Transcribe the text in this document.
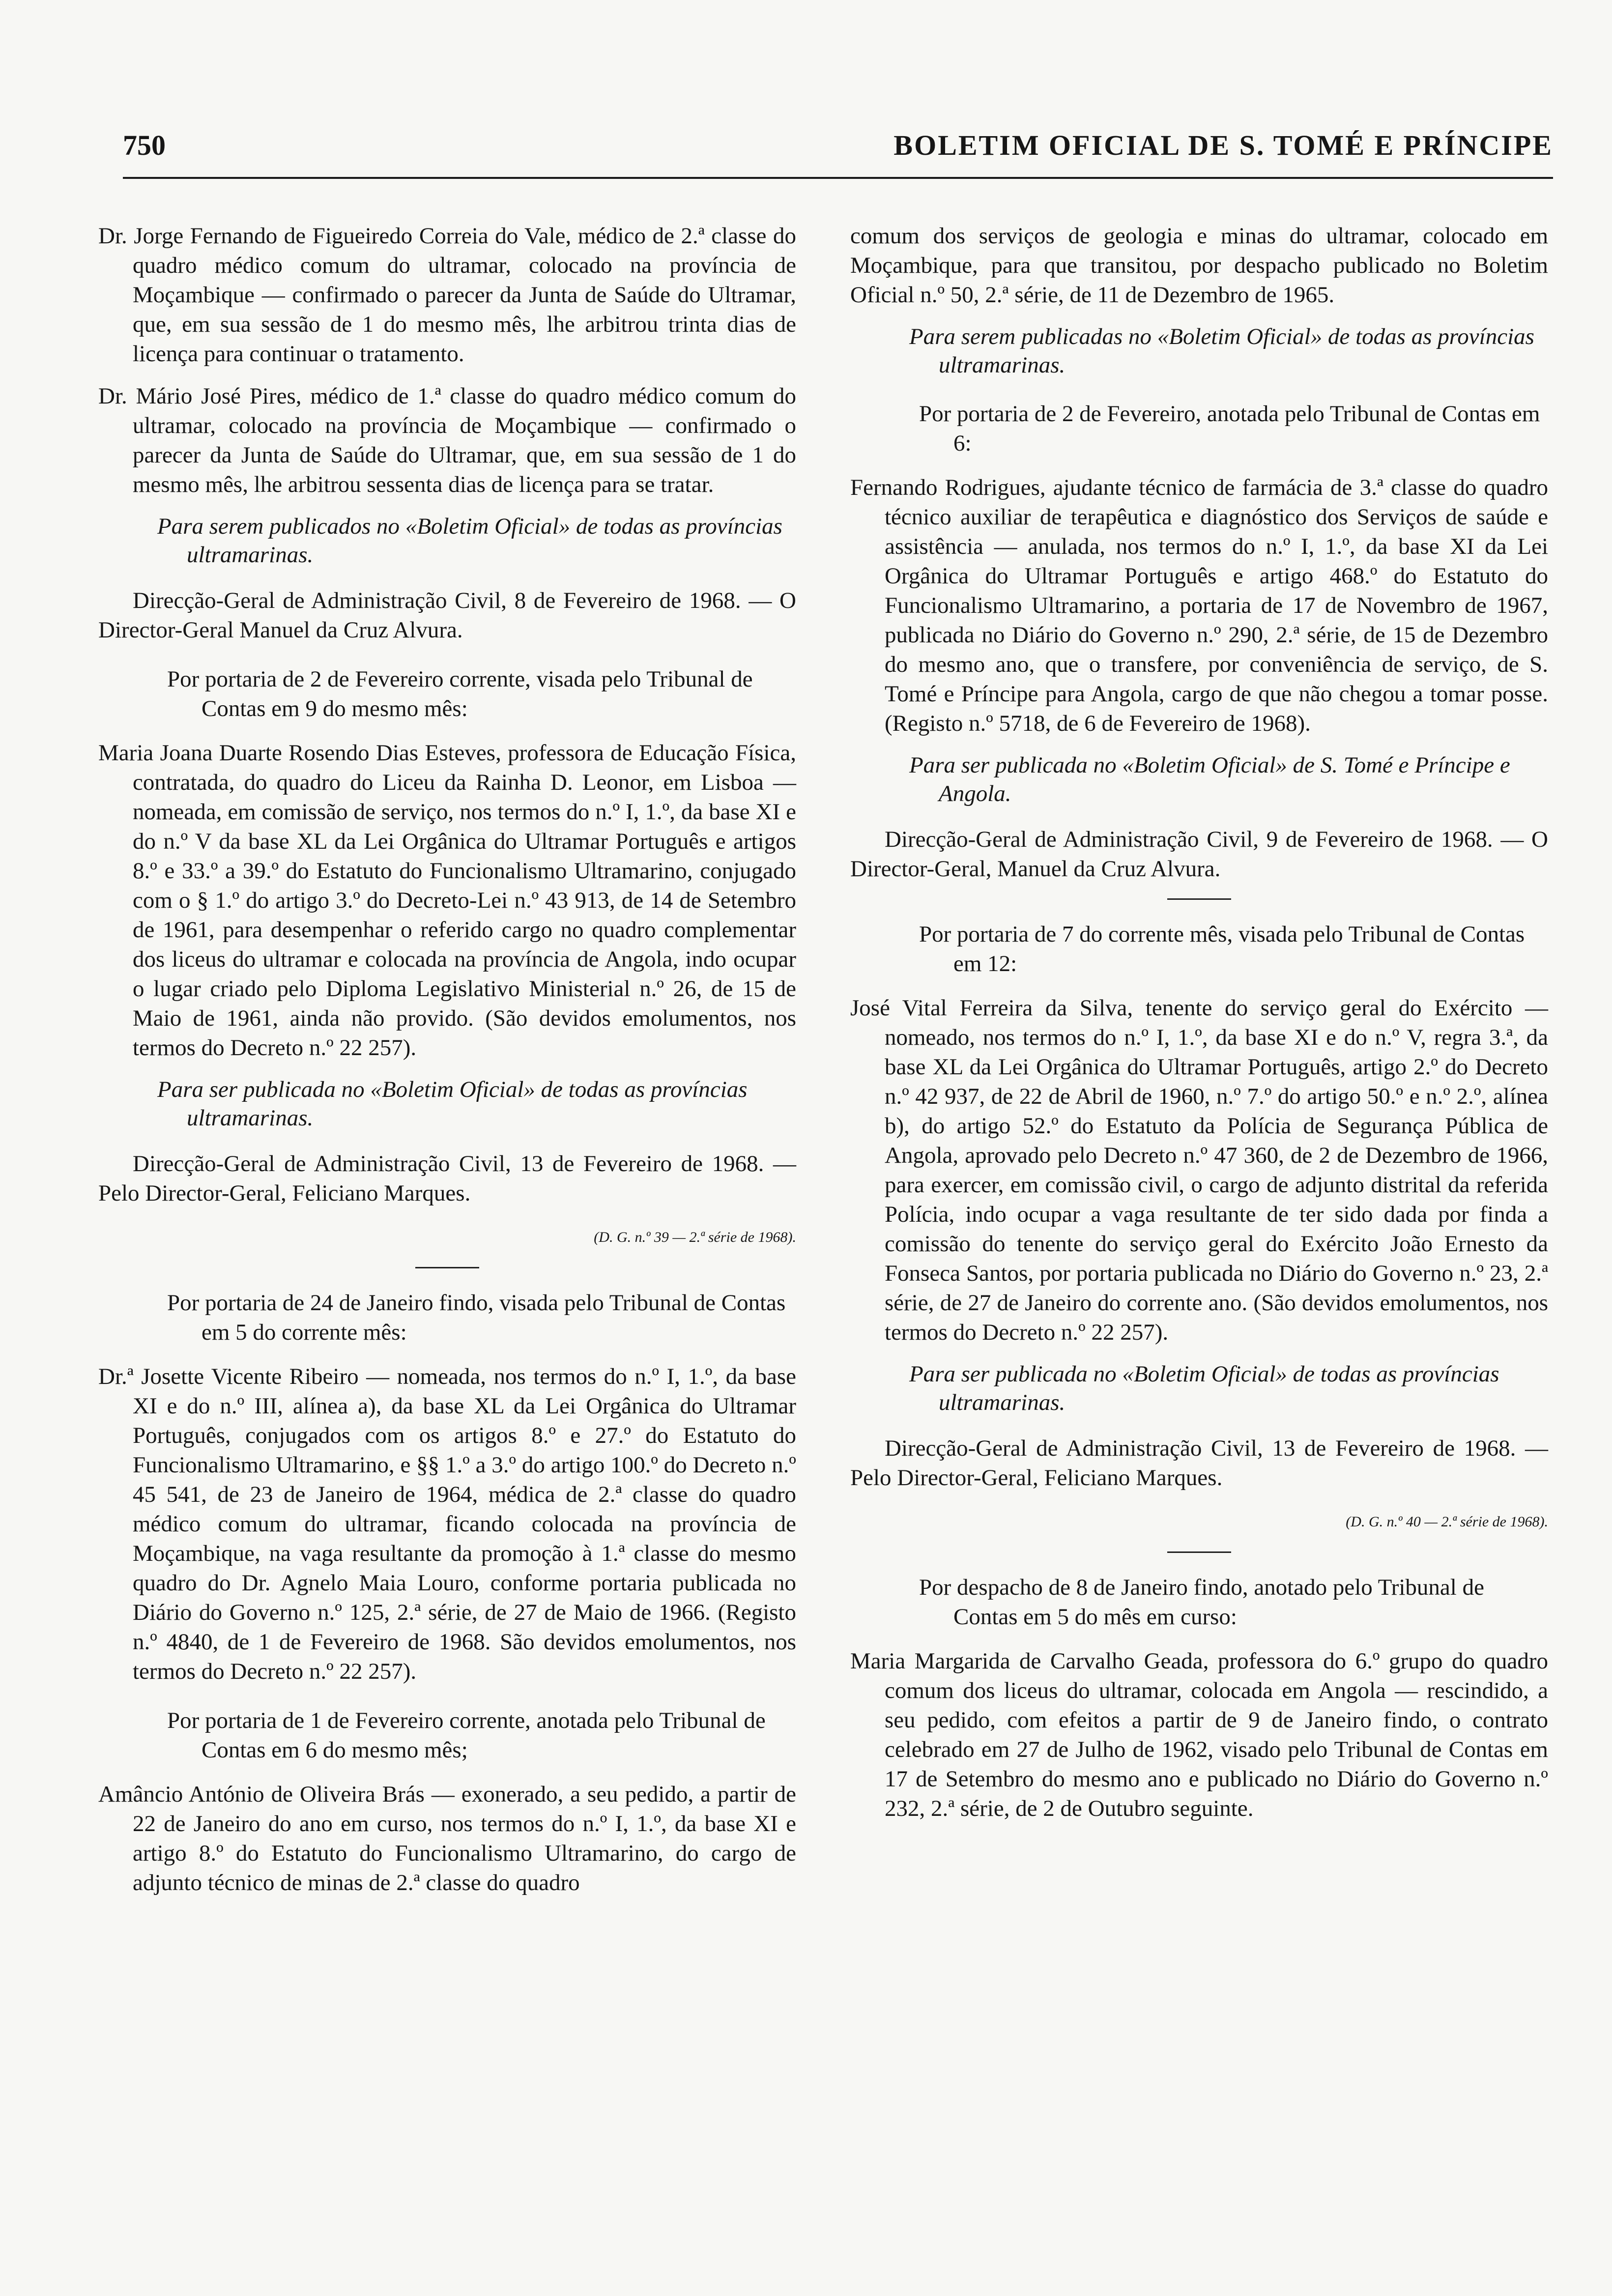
750	BOLETIM OFICIAL DE S. TOMÉ E PRÍNCIPE

Dr. Jorge Fernando de Figueiredo Correia do Vale, médico de 2.ª classe do quadro médico comum do ultramar, colocado na província de Moçambique — confirmado o parecer da Junta de Saúde do Ultramar, que, em sua sessão de 1 do mesmo mês, lhe arbitrou trinta dias de licença para continuar o tratamento.

Dr. Mário José Pires, médico de 1.ª classe do quadro médico comum do ultramar, colocado na província de Moçambique — confirmado o parecer da Junta de Saúde do Ultramar, que, em sua sessão de 1 do mesmo mês, lhe arbitrou sessenta dias de licença para se tratar.

Para serem publicados no «Boletim Oficial» de todas as províncias ultramarinas.

Direcção-Geral de Administração Civil, 8 de Fevereiro de 1968. — O Director-Geral Manuel da Cruz Alvura.

Por portaria de 2 de Fevereiro corrente, visada pelo Tribunal de Contas em 9 do mesmo mês:

Maria Joana Duarte Rosendo Dias Esteves, professora de Educação Física, contratada, do quadro do Liceu da Rainha D. Leonor, em Lisboa — nomeada, em comissão de serviço, nos termos do n.º I, 1.º, da base XI e do n.º V da base XL da Lei Orgânica do Ultramar Português e artigos 8.º e 33.º a 39.º do Estatuto do Funcionalismo Ultramarino, conjugado com o § 1.º do artigo 3.º do Decreto-Lei n.º 43 913, de 14 de Setembro de 1961, para desempenhar o referido cargo no quadro complementar dos liceus do ultramar e colocada na província de Angola, indo ocupar o lugar criado pelo Diploma Legislativo Ministerial n.º 26, de 15 de Maio de 1961, ainda não provido. (São devidos emolumentos, nos termos do Decreto n.º 22 257).

Para ser publicada no «Boletim Oficial» de todas as províncias ultramarinas.

Direcção-Geral de Administração Civil, 13 de Fevereiro de 1968. — Pelo Director-Geral, Feliciano Marques.

(D. G. n.º 39 — 2.ª série de 1968).

Por portaria de 24 de Janeiro findo, visada pelo Tribunal de Contas em 5 do corrente mês:

Dr.ª Josette Vicente Ribeiro — nomeada, nos termos do n.º I, 1.º, da base XI e do n.º III, alínea a), da base XL da Lei Orgânica do Ultramar Português, conjugados com os artigos 8.º e 27.º do Estatuto do Funcionalismo Ultramarino, e §§ 1.º a 3.º do artigo 100.º do Decreto n.º 45 541, de 23 de Janeiro de 1964, médica de 2.ª classe do quadro médico comum do ultramar, ficando colocada na província de Moçambique, na vaga resultante da promoção à 1.ª classe do mesmo quadro do Dr. Agnelo Maia Louro, conforme portaria publicada no Diário do Governo n.º 125, 2.ª série, de 27 de Maio de 1966. (Registo n.º 4840, de 1 de Fevereiro de 1968. São devidos emolumentos, nos termos do Decreto n.º 22 257).

Por portaria de 1 de Fevereiro corrente, anotada pelo Tribunal de Contas em 6 do mesmo mês;

Amâncio António de Oliveira Brás — exonerado, a seu pedido, a partir de 22 de Janeiro do ano em curso, nos termos do n.º I, 1.º, da base XI e artigo 8.º do Estatuto do Funcionalismo Ultramarino, do cargo de adjunto técnico de minas de 2.ª classe do quadro

comum dos serviços de geologia e minas do ultramar, colocado em Moçambique, para que transitou, por despacho publicado no Boletim Oficial n.º 50, 2.ª série, de 11 de Dezembro de 1965.

Para serem publicadas no «Boletim Oficial» de todas as províncias ultramarinas.

Por portaria de 2 de Fevereiro, anotada pelo Tribunal de Contas em 6:

Fernando Rodrigues, ajudante técnico de farmácia de 3.ª classe do quadro técnico auxiliar de terapêutica e diagnóstico dos Serviços de saúde e assistência — anulada, nos termos do n.º I, 1.º, da base XI da Lei Orgânica do Ultramar Português e artigo 468.º do Estatuto do Funcionalismo Ultramarino, a portaria de 17 de Novembro de 1967, publicada no Diário do Governo n.º 290, 2.ª série, de 15 de Dezembro do mesmo ano, que o transfere, por conveniência de serviço, de S. Tomé e Príncipe para Angola, cargo de que não chegou a tomar posse. (Registo n.º 5718, de 6 de Fevereiro de 1968).

Para ser publicada no «Boletim Oficial» de S. Tomé e Príncipe e Angola.

Direcção-Geral de Administração Civil, 9 de Fevereiro de 1968. — O Director-Geral, Manuel da Cruz Alvura.

Por portaria de 7 do corrente mês, visada pelo Tribunal de Contas em 12:

José Vital Ferreira da Silva, tenente do serviço geral do Exército — nomeado, nos termos do n.º I, 1.º, da base XI e do n.º V, regra 3.ª, da base XL da Lei Orgânica do Ultramar Português, artigo 2.º do Decreto n.º 42 937, de 22 de Abril de 1960, n.º 7.º do artigo 50.º e n.º 2.º, alínea b), do artigo 52.º do Estatuto da Polícia de Segurança Pública de Angola, aprovado pelo Decreto n.º 47 360, de 2 de Dezembro de 1966, para exercer, em comissão civil, o cargo de adjunto distrital da referida Polícia, indo ocupar a vaga resultante de ter sido dada por finda a comissão do tenente do serviço geral do Exército João Ernesto da Fonseca Santos, por portaria publicada no Diário do Governo n.º 23, 2.ª série, de 27 de Janeiro do corrente ano. (São devidos emolumentos, nos termos do Decreto n.º 22 257).

Para ser publicada no «Boletim Oficial» de todas as províncias ultramarinas.

Direcção-Geral de Administração Civil, 13 de Fevereiro de 1968. — Pelo Director-Geral, Feliciano Marques.

(D. G. n.º 40 — 2.ª série de 1968).

Por despacho de 8 de Janeiro findo, anotado pelo Tribunal de Contas em 5 do mês em curso:

Maria Margarida de Carvalho Geada, professora do 6.º grupo do quadro comum dos liceus do ultramar, colocada em Angola — rescindido, a seu pedido, com efeitos a partir de 9 de Janeiro findo, o contrato celebrado em 27 de Julho de 1962, visado pelo Tribunal de Contas em 17 de Setembro do mesmo ano e publicado no Diário do Governo n.º 232, 2.ª série, de 2 de Outubro seguinte.
